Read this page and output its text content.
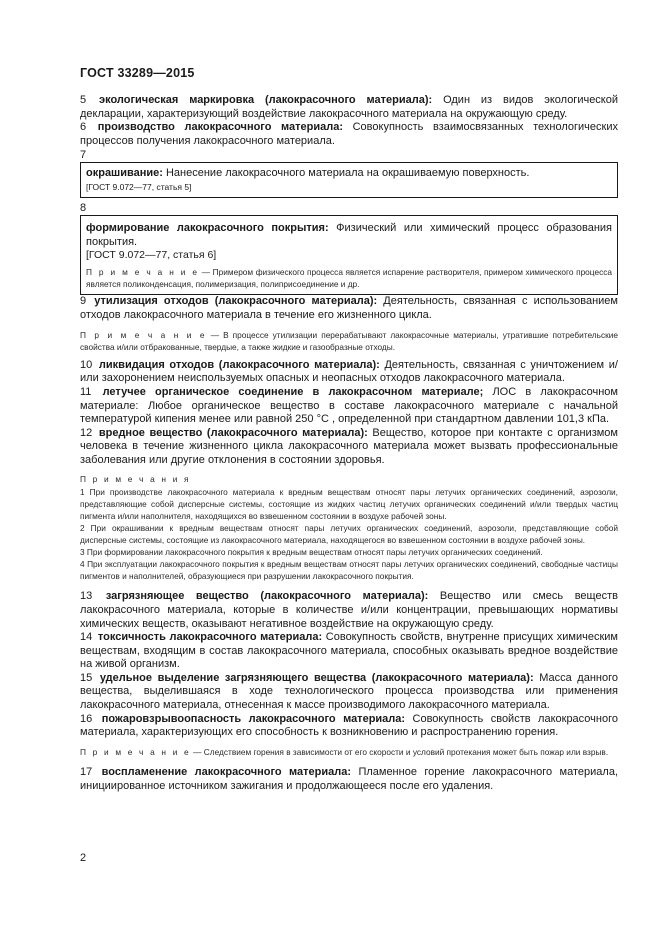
ГОСТ 33289—2015

5 экологическая маркировка (лакокрасочного материала): Один из видов экологической декларации, характеризующий воздействие лакокрасочного материала на окружающую среду.

6 производство лакокрасочного материала: Совокупность взаимосвязанных технологических процессов получения лакокрасочного материала.

7

окрашивание: Нанесение лакокрасочного материала на окрашиваемую поверхность.

[ГОСТ 9.072—77, статья 5]

8

формирование лакокрасочного покрытия: Физический или химический процесс образования покрытия.

[ГОСТ 9.072—77, статья 6]

П р и м е ч а н и е — Примером физического процесса является испарение растворителя, примером химического процесса является поликонденсация, полимеризация, полиприсоединение и др.

9 утилизация отходов (лакокрасочного материала): Деятельность, связанная с использованием отходов лакокрасочного материала в течение его жизненного цикла.

П р и м е ч а н и е — В процессе утилизации перерабатывают лакокрасочные материалы, утратившие потребительские свойства и/или отбракованные, твердые, а также жидкие и газообразные отходы.

10 ликвидация отходов (лакокрасочного материала): Деятельность, связанная с уничтожением и/или захоронением неиспользуемых опасных и неопасных отходов лакокрасочного материала.

11 летучее органическое соединение в лакокрасочном материале; ЛОС в лакокрасочном материале: Любое органическое вещество в составе лакокрасочного материале с начальной температурой кипения менее или равной 250 °С , определенной при стандартном давлении 101,3 кПа.

12 вредное вещество (лакокрасочного материала): Вещество, которое при контакте с организмом человека в течение жизненного цикла лакокрасочного материала может вызвать профессиональные заболевания или другие отклонения в состоянии здоровья.

П р и м е ч а н и я

1 При производстве лакокрасочного материала к вредным веществам относят пары летучих органических соединений, аэрозоли, представляющие собой дисперсные системы, состоящие из жидких частиц летучих органических соединений и/или твердых частиц пигмента и/или наполнителя, находящихся во взвешенном состоянии в воздухе рабочей зоны.

2 При окрашивании к вредным веществам относят пары летучих органических соединений, аэрозоли, представляющие собой дисперсные системы, состоящие из лакокрасочного материала, находящегося во взвешенном состоянии в воздухе рабочей зоны.

3 При формировании лакокрасочного покрытия к вредным веществам относят пары летучих органических соединений.

4 При эксплуатации лакокрасочного покрытия к вредным веществам относят пары летучих органических соединений, свободные частицы пигментов и наполнителей, образующиеся при разрушении лакокрасочного покрытия.

13 загрязняющее вещество (лакокрасочного материала): Вещество или смесь веществ лакокрасочного материала, которые в количестве и/или концентрации, превышающих нормативы химических веществ, оказывают негативное воздействие на окружающую среду.

14 токсичность лакокрасочного материала: Совокупность свойств, внутренне присущих химическим веществам, входящим в состав лакокрасочного материала, способных оказывать вредное воздействие на живой организм.

15 удельное выделение загрязняющего вещества (лакокрасочного материала): Масса данного вещества, выделившаяся в ходе технологического процесса производства или применения лакокрасочного материала, отнесенная к массе производимого лакокрасочного материала.

16 пожаровзрывоопасность лакокрасочного материала: Совокупность свойств лакокрасочного материала, характеризующих его способность к возникновению и распространению горения.

П р и м е ч а н и е — Следствием горения в зависимости от его скорости и условий протекания может быть пожар или взрыв.

17 воспламенение лакокрасочного материала: Пламенное горение лакокрасочного материала, инициированное источником зажигания и продолжающееся после его удаления.

2
